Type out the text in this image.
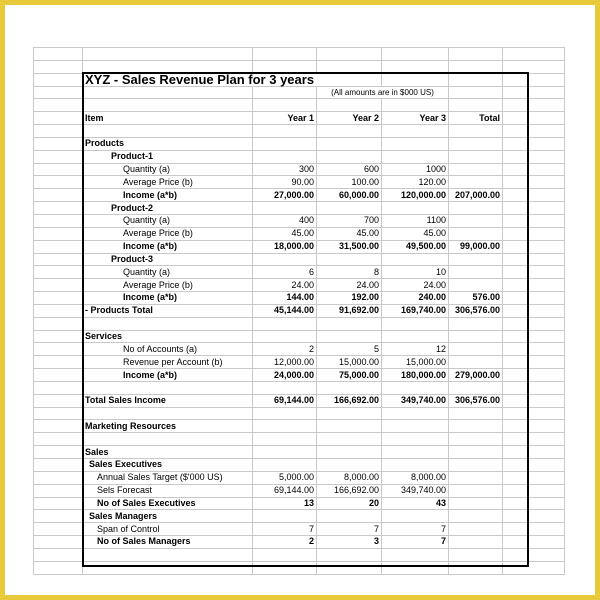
	XYZ - Sales Revenue Plan for 3 years						
			(All amounts are in $000 US)				

	Item	Year 1	Year 2	Year 3	Total		

	Products						
	Product-1						
	Quantity (a)	300	600	1000			
	Average Price (b)	90.00	100.00	120.00			
	Income (a*b)	27,000.00	60,000.00	120,000.00	207,000.00		
	Product-2						
	Quantity (a)	400	700	1100			
	Average Price (b)	45.00	45.00	45.00			
	Income (a*b)	18,000.00	31,500.00	49,500.00	99,000.00		
	Product-3						
	Quantity (a)	6	8	10			
	Average Price (b)	24.00	24.00	24.00			
	Income (a*b)	144.00	192.00	240.00	576.00		
	- Products Total	45,144.00	91,692.00	169,740.00	306,576.00		

	Services						
	No of Accounts (a)	2	5	12			
	Revenue per Account (b)	12,000.00	15,000.00	15,000.00			
	Income (a*b)	24,000.00	75,000.00	180,000.00	279,000.00		

	Total Sales Income	69,144.00	166,692.00	349,740.00	306,576.00		

	Marketing Resources						

	Sales						
	Sales Executives						
	Annual Sales Target ($'000 US)	5,000.00	8,000.00	8,000.00			
	Sels Forecast	69,144.00	166,692.00	349,740.00			
	No of Sales Executives	13	20	43			
	Sales Managers						
	Span of Control	7	7	7			
	No of Sales Managers	2	3	7			
